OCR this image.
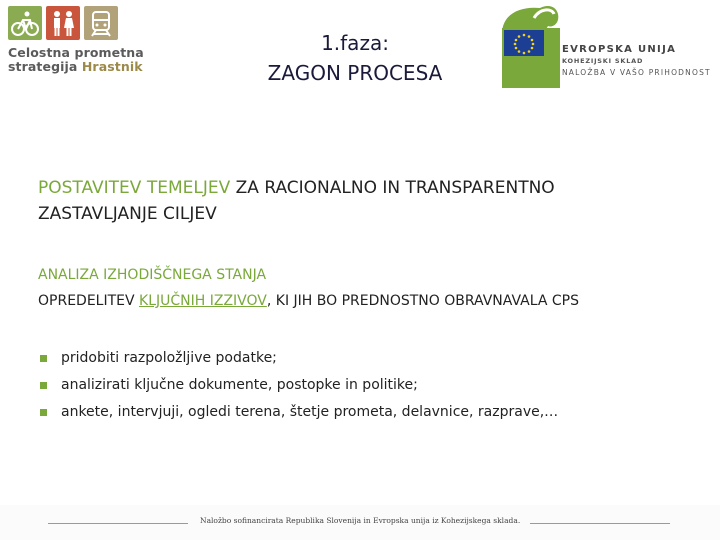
Celostna prometna
strategija Hrastnik
1.faza:
ZAGON PROCESA
EVROPSKA UNIJA
KOHEZIJSKI SKLAD
NALOŽBA V VAŠO PRIHODNOST
POSTAVITEV TEMELJEV ZA RACIONALNO IN TRANSPARENTNO
ZASTAVLJANJE CILJEV
ANALIZA IZHODIŠČNEGA STANJA
OPREDELITEV KLJUČNIH IZZIVOV, KI JIH BO PREDNOSTNO OBRAVNAVALA CPS
pridobiti razpoložljive podatke;
analizirati ključne dokumente, postopke in politike;
ankete, intervjuji, ogledi terena, štetje prometa, delavnice, razprave,…
Naložbo sofinancirata Republika Slovenija in Evropska unija iz Kohezijskega sklada.
